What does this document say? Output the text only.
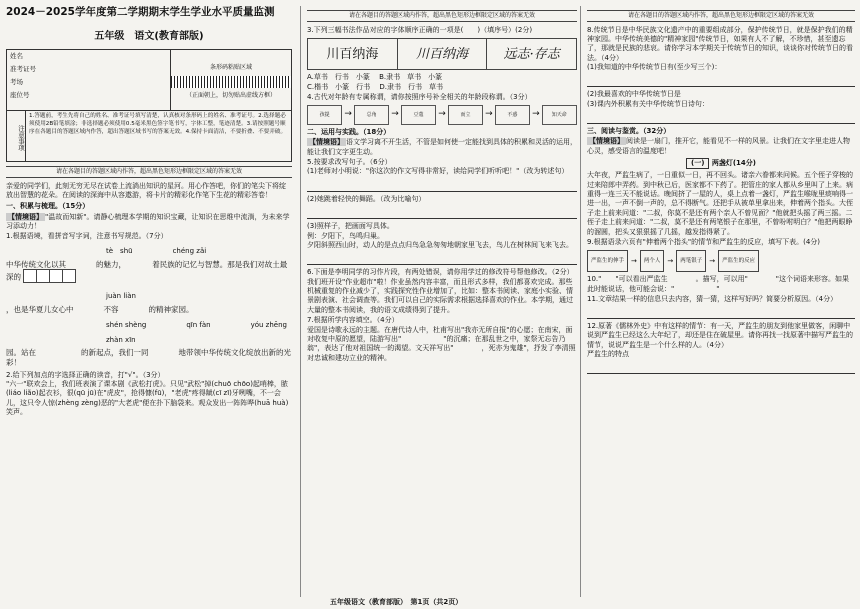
2024－2025学年度第二学期期末学生学业水平质量监测
五年级　语文(教育部版)
姓名
准考证号
考场
座位号
条形码粘贴区域
（正面朝上，切勿贴出虚线方框）
注意事项
1.答题前，考生先将自己的姓名、准考证号填写清楚，认真核对条形码上的姓名、准考证号。2.选择题必须使用2B铅笔填涂；非选择题必须使用0.5毫米黑色签字笔书写，字体工整，笔迹清楚。3.请按照题号顺序在各题目的答题区域内作答，超出答题区域书写的答案无效。4.保持卡面清洁，不要折叠、不要弄破。
请在各题目的答题区域内作答，超出黑色矩形边框限定区域的答案无效
亲爱的同学们，此刻无穷无尽在试卷上流淌出知识的星河。用心作答吧，你们的笔尖下将绽放出智慧的花朵。在阅读的深海中从容遨游，将卡片的精彩化作笔下生花的精彩答卷！
一、积累与梳理。（15分）
【情境语】 "温故而知新"。请静心梳理本学期的知识宝藏，让知识在思维中流淌，为未来学习添动力！
1.根据语境，看拼音写字词，注意书写规范。（7分）
tè　shū	chéng zǎi
中华传统文化以其　　　　的魅力，　　　　着民族的记忆与智慧。那是我们对故土最深的
juàn liàn
，也是华夏儿女心中　　　　不容　　　　的精神家园。
shén shèng	qīn fàn	yóu zhēng
zhàn xīn
园。站在　　　　　　的新起点，我们一同　　　　地带领中华传统文化绽放出新的光彩！
2.给下列加点的字选择正确的读音，打"√"。（3分）
"六一"联欢会上，我们班表演了课本剧《武松打虎》。只见"武松"掉(chuō chōo)起哨棒，脓(liáo lião)起衣衫，很(qū jū)在"虎皮"，抢得慷(fū)，"老虎"疼得龇(cī zī)牙咧嘴，不一会儿，这只令人惊(zhèng zèng)恶的"大老虎"便在扑下脑袋来。观众发出一阵阵哗(huā huà)笑声。
请在各题目的答题区域内作答，超出黑色矩形边框限定区域的答案无效
3.下列三幅书法作品对应的字体顺序正确的一项是(　　)（填序号）(2分)
川百纳海	川百纳海	远志·存志
A.草书　行书　小篆　 B.隶书　草书　小篆
C.楷书　小篆　行书　 D.隶书　行书　草书
4.古代对年龄有专属称谓，请你按照序号补全相关的年龄段称谓。（3分）
孩提	→	总角	→	豆蔻	→	而立	→	不惑	→	知天命
二、运用与实践。（18分）
【情境语】 语文学习离不开生活，不管是如何使一定能找到具体的积累和灵活的运用，能让我们文字更生动。
5.按要求改写句子。（6分）
(1)老师对小明说："你这次的作文写得非常好，读给同学们听听吧！"（改为转述句）
(2)她跳着轻快的舞蹈。（改为比喻句）
(3)照样子，把画面写具体。
例：夕阳下，鸟鸣归巢。
夕阳斜照西山时，动人的是点点归鸟急急匆匆地朝家里飞去，鸟儿在树林间飞来飞去。
6.下面是李明同学的习作片段，有两处错误，请你用学过的修改符号帮他修改。（2分）
我们班开设"作业超市"啦！作业虽然内容丰富，而且形式多样，我们都喜欢完成。那些机械重复的作业减少了，实践探究性作业增加了，比如：整本书阅读、家庭小实验、情景剧表演、社会调查等。我们可以自己的实际需求根据选择喜欢的作业。本学期，通过大量的整本书阅读，我的语文成绩得到了提升。
7.根据所学内容填空。（4分）
爱国是诗歌永远的主题。在唐代诗人中，杜甫写出"我亦无所自报"的心愿；在南宋，面对收复中原的愿望，陆游写出"　　　　　　"的沉痛；在那乱世之中，家祭无忘告乃翁"，表达了他对祖国统一的渴望。文天祥写出"　　　　，死亦为鬼雄"，抒发了李清照对忠诚和建功立业的精神。
请在各题目的答题区域内作答，超出黑色矩形边框限定区域的答案无效
8.传统节日是中华民族文化遗产中的重要组成部分，保护传统节日，就是保护我们的精神家园。中华传统美德的"精神家园"传统节日，如果有人不了解，不珍惜，甚至遗忘了，那就是民族的悲哀。请你学习本学期关于传统节日的知识，谈谈你对传统节日的看法。（4分）
(1)我知道的中华传统节日有(至少写三个)：
(2)我最喜欢的中华传统节日是
(3)课内外积累有关中华传统节日诗句：
三、阅读与鉴赏。（32分）
【情境语】 阅读是一扇门，推开它，能看见不一样的风景。让我们在文字里走进人物心灵，感受语言的温度吧！
(一) 两盏灯(14分)
大年夜，严监生病了，一日重似一日，再不回头。诸亲六眷都来问候。五个侄子穿梭的过来陪郎中弄药。到中秋已后，医家都不下药了。把管庄的家人都从乡里叫了上来。病重得一连三天不能说话。晚间挤了一屋的人，桌上点着一盏灯，严监生喉咙里痰响得一进一出，一声不倒一声的，总不得断气。还把手从被单里拿出来，伸着两个指头。大侄子走上前来问道："二叔，你莫不是还有两个亲人不曾见面？"他就把头摇了两三摇。二侄子走上前来问道："二叔，莫不是还有两笔银子在那里，不曾吩咐明白？"他把两眼睁的溜圆，把头又狠狠摇了几摇，越发指得紧了。
9.根据语录六页有"伸着两个指头"的情节和严监生的反应，填写下表。(4分)
严监生的伸手	→	两个人	→	两笔银子	→	严监生的反应
10."　　"可以看出严监生　　　　。描写，可以用"　　　　"这个词语来形容。如果此时能说话，他可能会说："　　　　　　"
11.文章结果一样的信息只去内容，猜一猜，这样写好吗？简要分析原因。（4分）
12.原著《儒林外史》中有这样的情节：有一天，严监生的朋友到他家里做客，闲聊中说到严监生已经这么大年纪了，却还是住在破屋里。请你再找一找原著中描写严监生的情节，说说严监生是一个什么样的人。（4分）
严监生的特点
五年级语文（教育部版）　第1页（共2页）
